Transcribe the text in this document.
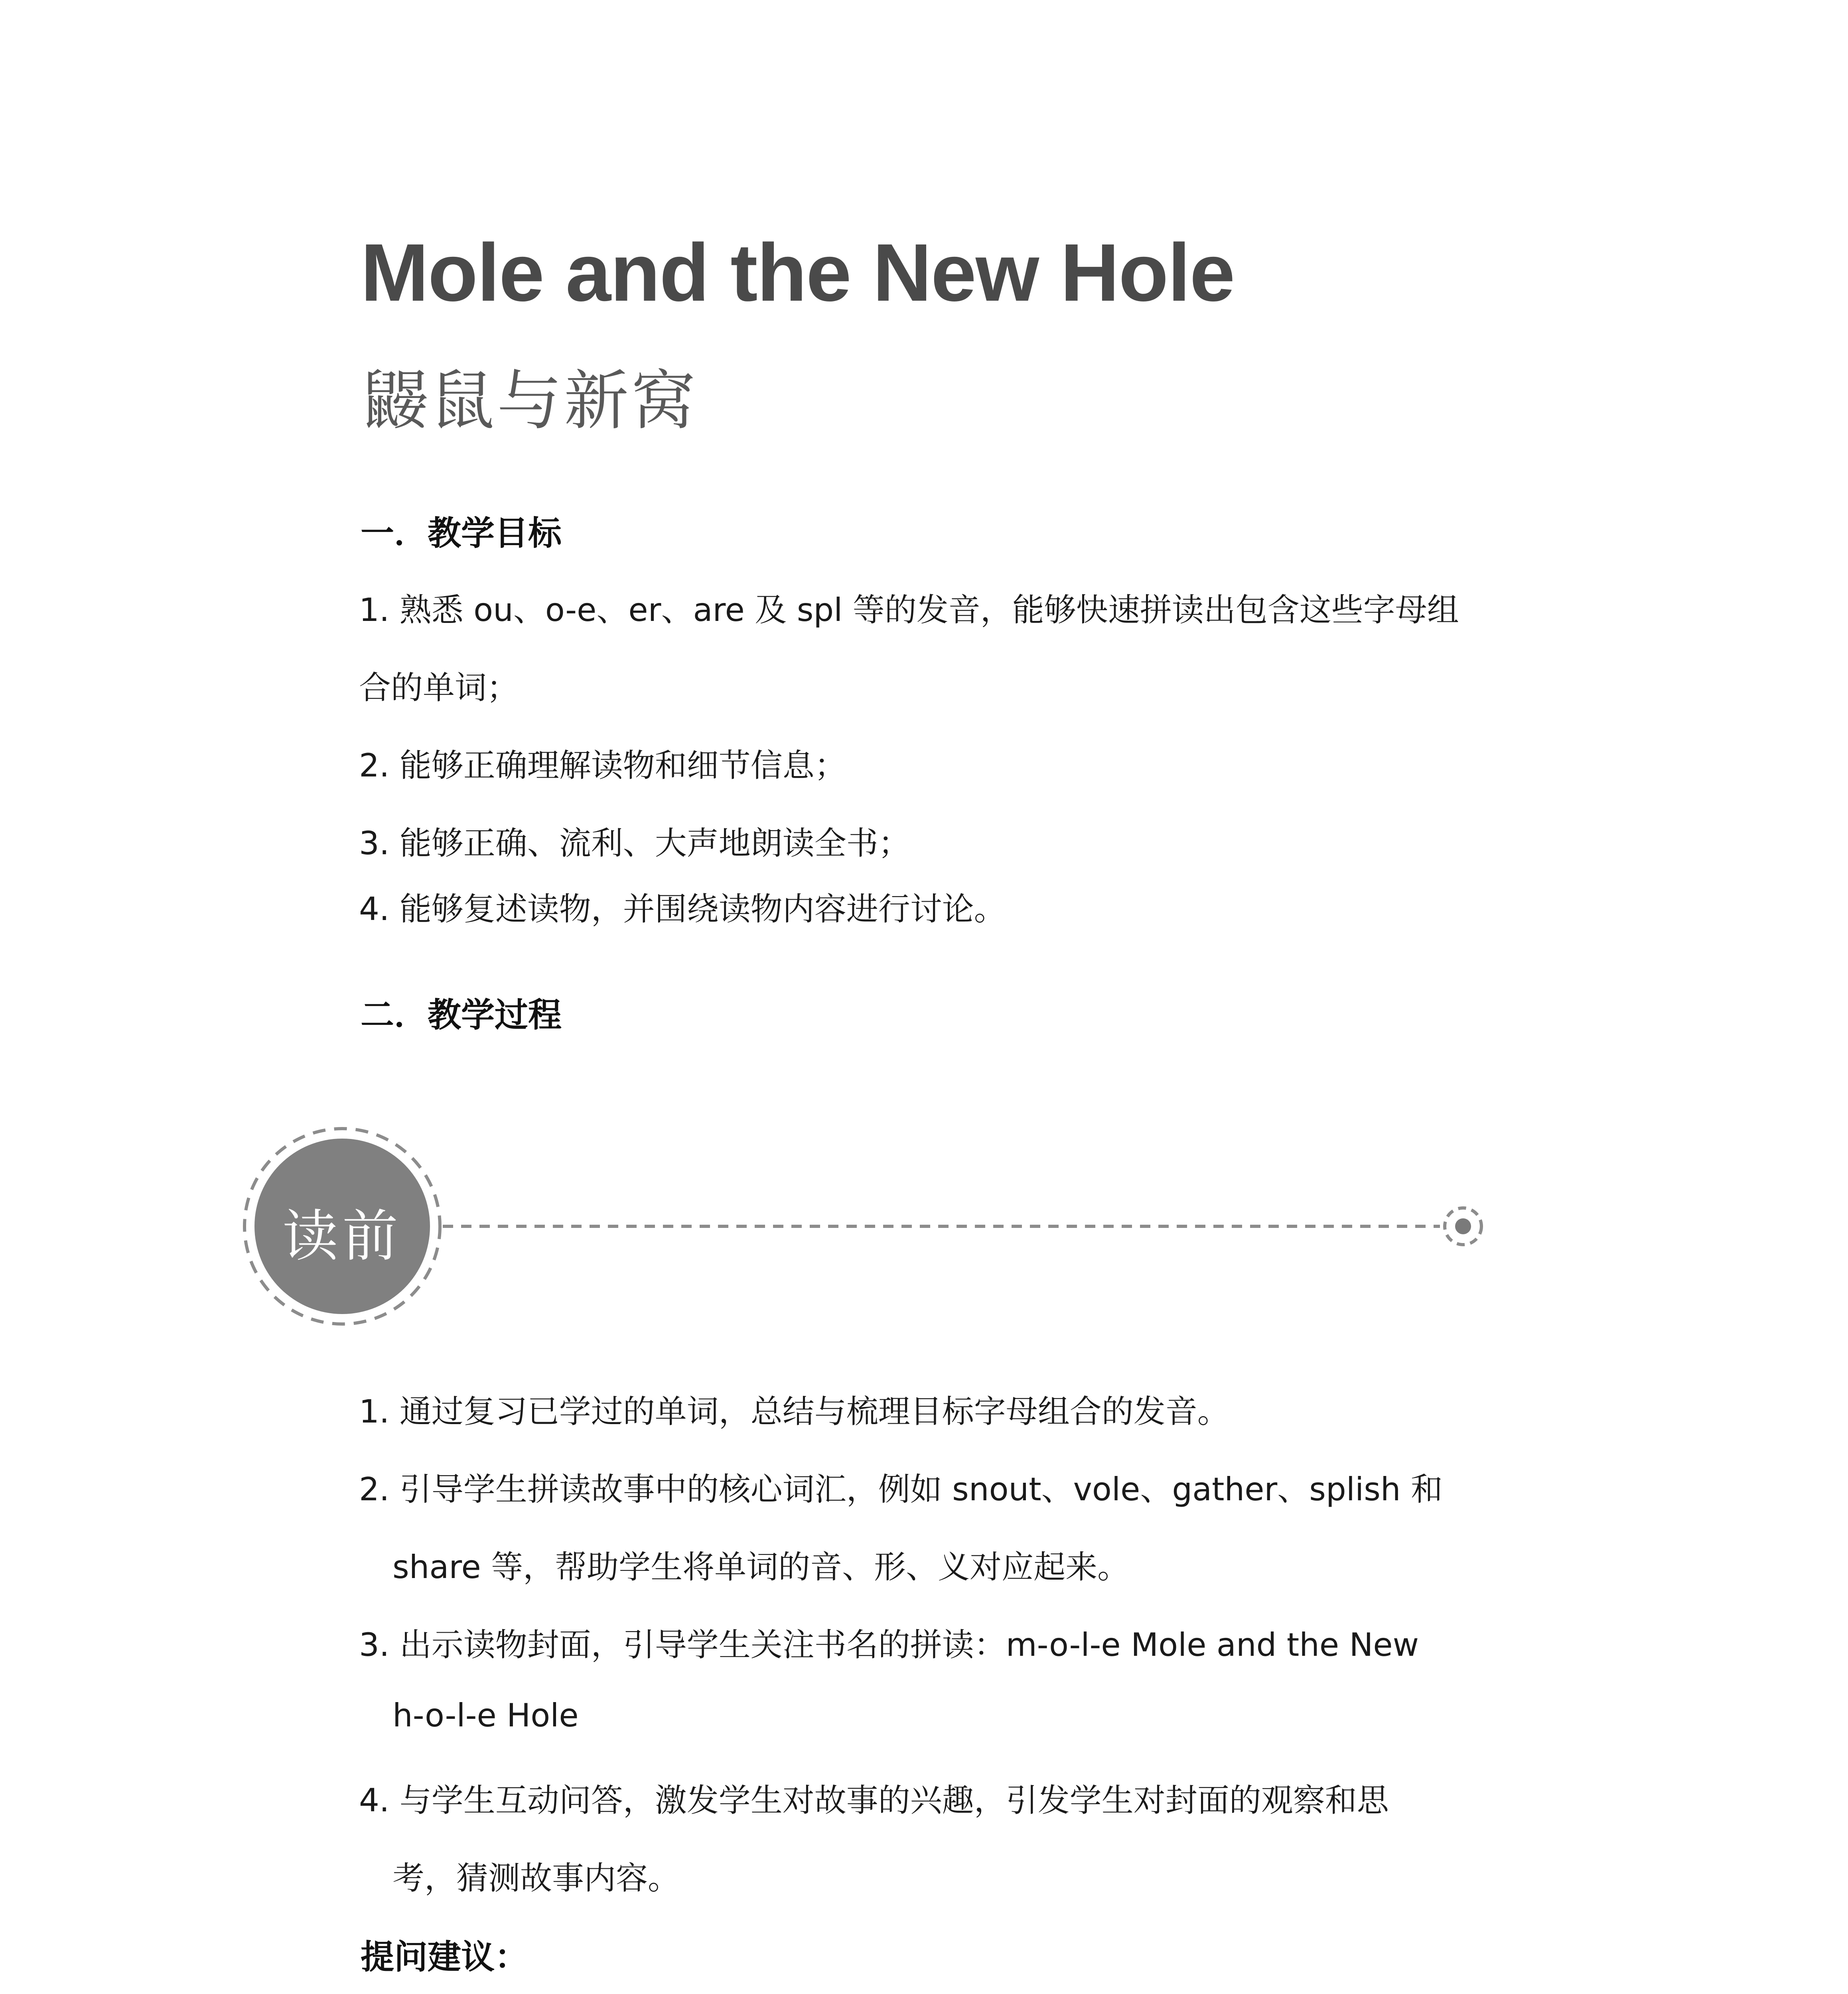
Mole and the New Hole
鼹鼠与新窝
一．教学目标
1. 熟悉 ou、o-e、er、are 及 spl 等的发音，能够快速拼读出包含这些字母组
合的单词；
2. 能够正确理解读物和细节信息；
3. 能够正确、流利、大声地朗读全书；
4. 能够复述读物，并围绕读物内容进行讨论。
二．教学过程
读前
1. 通过复习已学过的单词，总结与梳理目标字母组合的发音。
2. 引导学生拼读故事中的核心词汇，例如 snout、vole、gather、splish 和
share 等，帮助学生将单词的音、形、义对应起来。
3. 出示读物封面，引导学生关注书名的拼读：m-o-l-e Mole and the New
h-o-l-e Hole
4. 与学生互动问答，激发学生对故事的兴趣，引发学生对封面的观察和思
考，猜测故事内容。
提问建议：
